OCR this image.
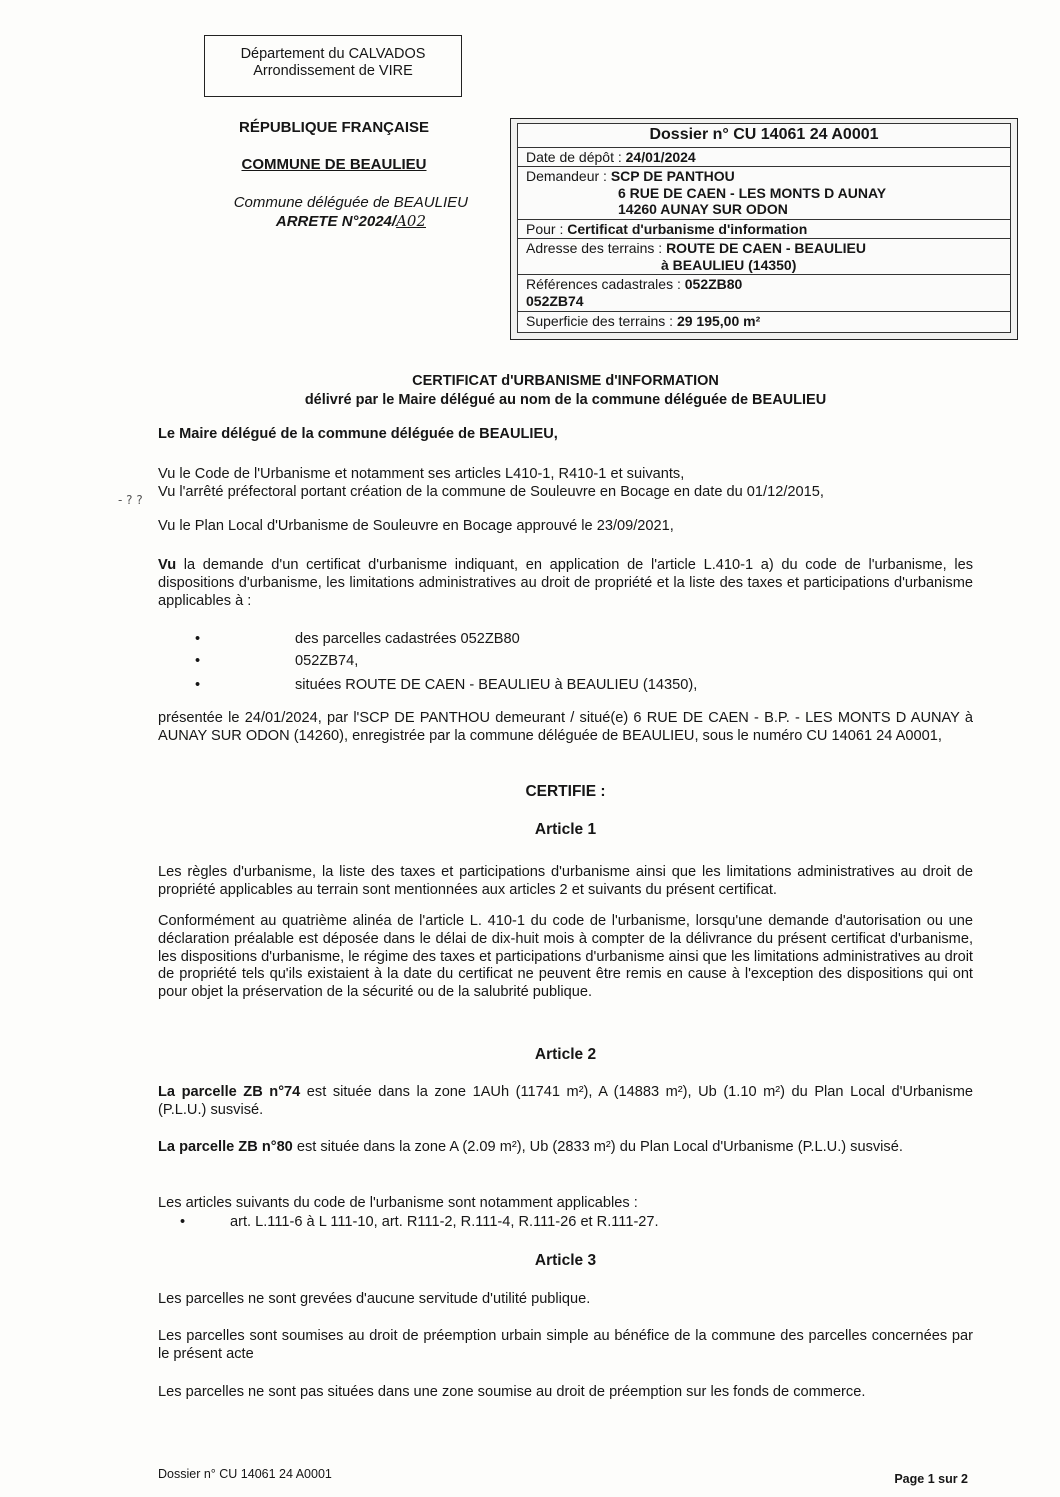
Département du CALVADOS
Arrondissement de VIRE
RÉPUBLIQUE FRANÇAISE
COMMUNE DE BEAULIEU
Commune déléguée de BEAULIEU
ARRETE N°2024/A02
Dossier n° CU 14061 24 A0001
Date de dépôt : 24/01/2024
Demandeur : SCP DE PANTHOU
6 RUE DE CAEN - LES MONTS D AUNAY
14260 AUNAY SUR ODON
Pour : Certificat d'urbanisme d'information
Adresse des terrains : ROUTE DE CAEN - BEAULIEU
à BEAULIEU (14350)
Références cadastrales : 052ZB80
052ZB74
Superficie des terrains : 29 195,00 m²
CERTIFICAT d'URBANISME d'INFORMATION
délivré par le Maire délégué au nom de la commune déléguée de BEAULIEU
Le Maire délégué de la commune déléguée de BEAULIEU,
- ? ?
Vu le Code de l'Urbanisme et notamment ses articles L410-1, R410-1 et suivants,
Vu l'arrêté préfectoral portant création de la commune de Souleuvre en Bocage en date du 01/12/2015,
Vu le Plan Local d'Urbanisme de Souleuvre en Bocage approuvé le 23/09/2021,
Vu la demande d'un certificat d'urbanisme indiquant, en application de l'article L.410-1 a) du code de l'urbanisme, les dispositions d'urbanisme, les limitations administratives au droit de propriété et la liste des taxes et participations d'urbanisme applicables à :
•	des parcelles cadastrées 052ZB80
•	052ZB74,
•	situées ROUTE DE CAEN - BEAULIEU à BEAULIEU (14350),
présentée le 24/01/2024, par l'SCP DE PANTHOU demeurant / situé(e) 6 RUE DE CAEN - B.P. - LES MONTS D AUNAY à AUNAY SUR ODON (14260), enregistrée par la commune déléguée de BEAULIEU, sous le numéro CU 14061 24 A0001,
CERTIFIE :
Article 1
Les règles d'urbanisme, la liste des taxes et participations d'urbanisme ainsi que les limitations administratives au droit de propriété applicables au terrain sont mentionnées aux articles 2 et suivants du présent certificat.
Conformément au quatrième alinéa de l'article L. 410-1 du code de l'urbanisme, lorsqu'une demande d'autorisation ou une déclaration préalable est déposée dans le délai de dix-huit mois à compter de la délivrance du présent certificat d'urbanisme, les dispositions d'urbanisme, le régime des taxes et participations d'urbanisme ainsi que les limitations administratives au droit de propriété tels qu'ils existaient à la date du certificat ne peuvent être remis en cause à l'exception des dispositions qui ont pour objet la préservation de la sécurité ou de la salubrité publique.
Article 2
La parcelle ZB n°74 est située dans la zone 1AUh (11741 m²), A (14883 m²), Ub (1.10 m²) du Plan Local d'Urbanisme (P.L.U.) susvisé.
La parcelle ZB n°80 est située dans la zone A (2.09 m²), Ub (2833 m²) du Plan Local d'Urbanisme (P.L.U.) susvisé.
Les articles suivants du code de l'urbanisme sont notamment applicables :
•	art. L.111-6 à L 111-10, art. R111-2, R.111-4, R.111-26 et R.111-27.
Article 3
Les parcelles ne sont grevées d'aucune servitude d'utilité publique.
Les parcelles sont soumises au droit de préemption urbain simple au bénéfice de la commune des parcelles concernées par le présent acte
Les parcelles ne sont pas situées dans une zone soumise au droit de préemption sur les fonds de commerce.
Dossier n° CU 14061 24 A0001	Page 1 sur 2
